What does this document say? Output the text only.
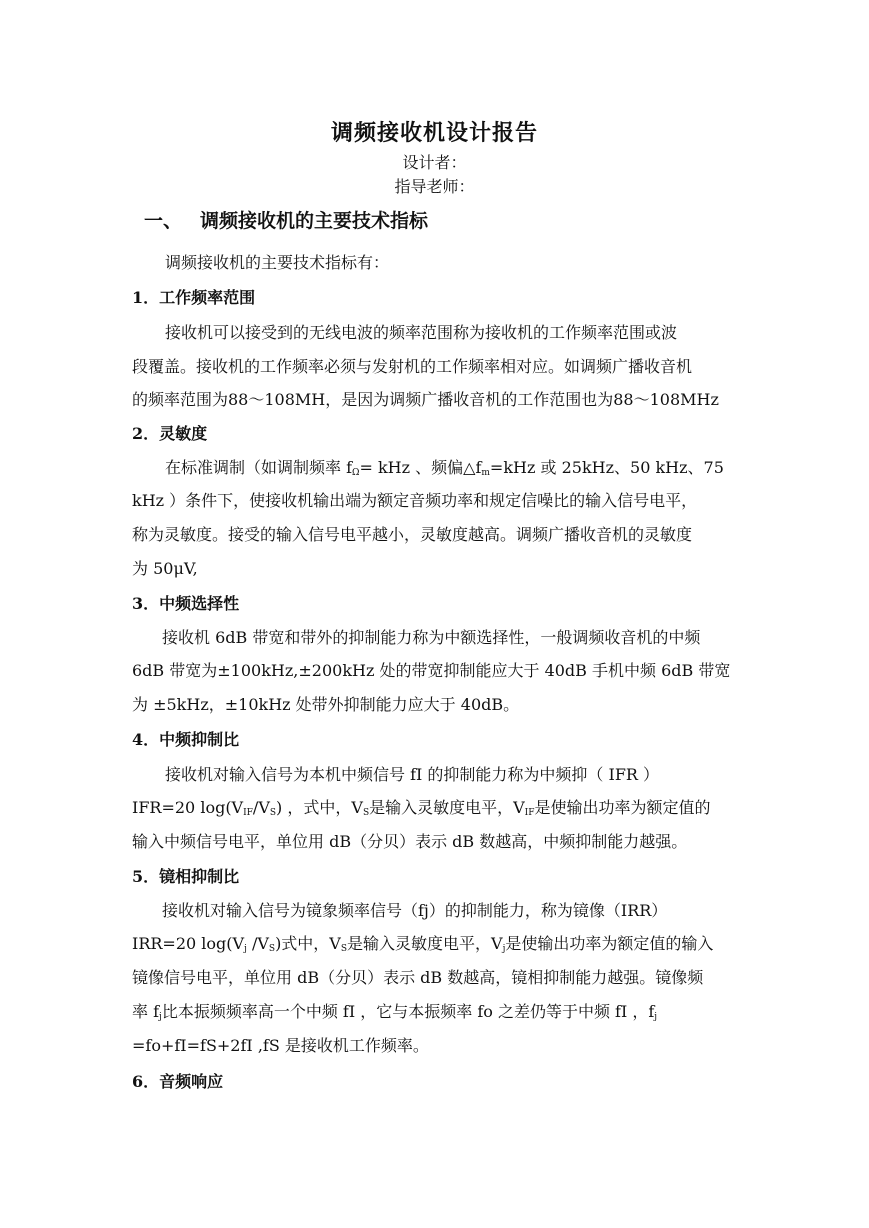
调频接收机设计报告
设计者：
指导老师：
一、 调频接收机的主要技术指标
调频接收机的主要技术指标有：
1．工作频率范围
接收机可以接受到的无线电波的频率范围称为接收机的工作频率范围或波
段覆盖。接收机的工作频率必须与发射机的工作频率相对应。如调频广播收音机
的频率范围为88～108MH，是因为调频广播收音机的工作范围也为88～108MHz
2．灵敏度
在标准调制（如调制频率 $f_\Omega=$ kHz 、频偏$\triangle f_m=kHz$ 或 25kHz、50 kHz、75
kHz ）条件下，使接收机输出端为额定音频功率和规定信噪比的输入信号电平，
称为灵敏度。接受的输入信号电平越小，灵敏度越高。调频广播收音机的灵敏度
为 50μV,
3．中频选择性
接收机 6dB 带宽和带外的抑制能力称为中额选择性，一般调频收音机的中频
6dB 带宽为±100kHz,±200kHz 处的带宽抑制能应大于 40dB 手机中频 6dB 带宽
为 ±5kHz，±10kHz 处带外抑制能力应大于 40dB。
4．中频抑制比
接收机对输入信号为本机中频信号 fI 的抑制能力称为中频抑（ IFR ）
IFR=20 $\log(V_{IF}/V_S)$ ，式中，$V_S$是输入灵敏度电平，$V_{IF}$是使输出功率为额定值的
输入中频信号电平，单位用 dB（分贝）表示 dB 数越高，中频抑制能力越强。
5．镜相抑制比
接收机对输入信号为镜象频率信号（fj）的抑制能力，称为镜像（IRR）
IRR=20 $\log(V_j$ $/V_S$)式中，$V_S$是输入灵敏度电平，$V_j$是使输出功率为额定值的输入
镜像信号电平，单位用 dB（分贝）表示 dB 数越高，镜相抑制能力越强。镜像频
率 $f_j$比本振频频率高一个中频 fI ，它与本振频率 fo 之差仍等于中频 fI ，$f_j$
=fo+fI=fS+2fI ,fS 是接收机工作频率。
6．音频响应
